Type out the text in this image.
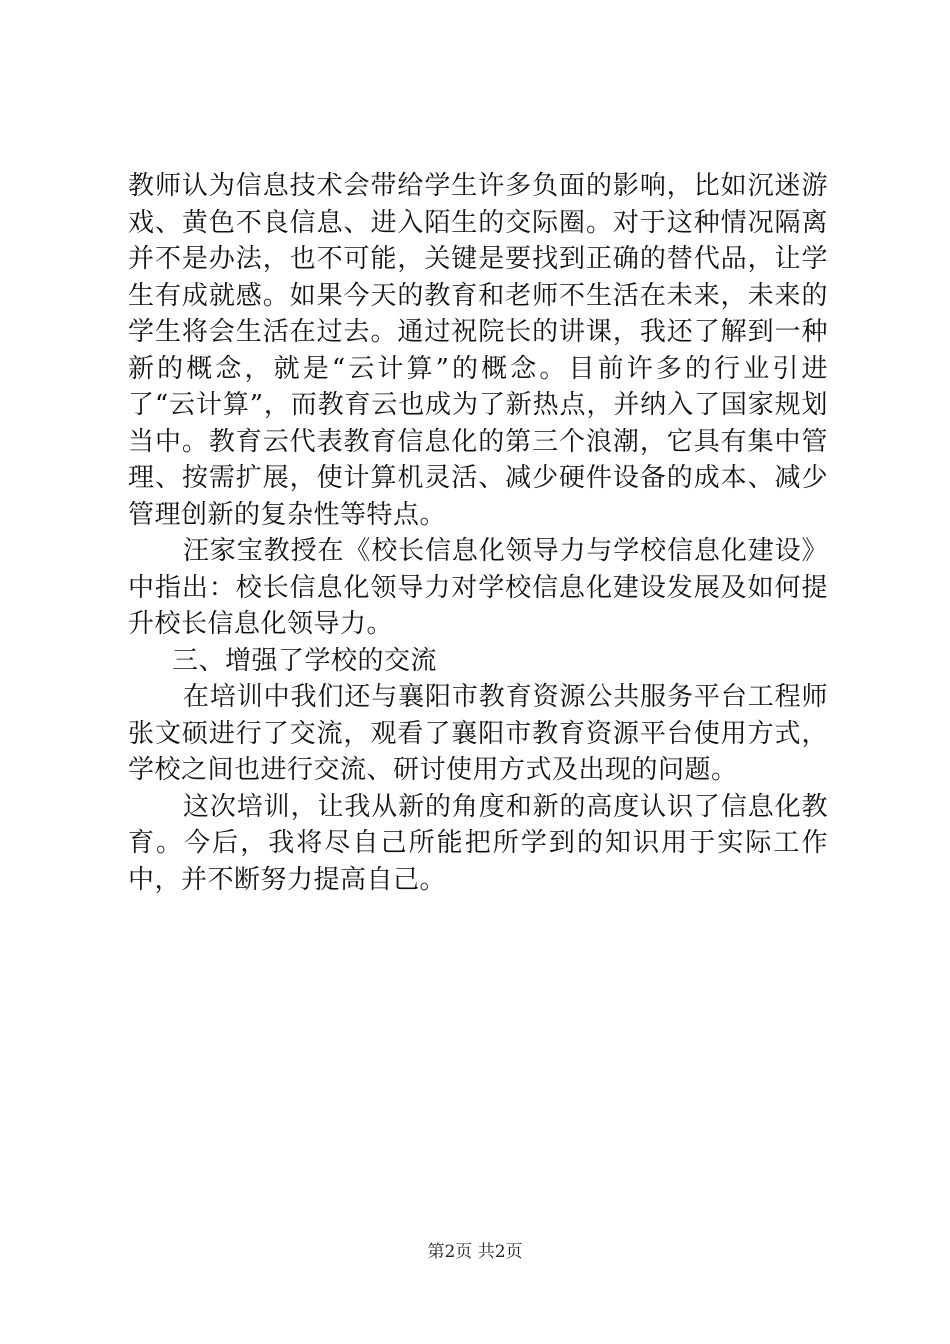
教师认为信息技术会带给学生许多负面的影响，比如沉迷游戏、黄色不良信息、进入陌生的交际圈。对于这种情况隔离并不是办法，也不可能，关键是要找到正确的替代品，让学生有成就感。如果今天的教育和老师不生活在未来，未来的学生将会生活在过去。通过祝院长的讲课，我还了解到一种新的概念，就是“云计算”的概念。目前许多的行业引进了“云计算”，而教育云也成为了新热点，并纳入了国家规划当中。教育云代表教育信息化的第三个浪潮，它具有集中管理、按需扩展，使计算机灵活、减少硬件设备的成本、减少管理创新的复杂性等特点。

汪家宝教授在《校长信息化领导力与学校信息化建设》中指出：校长信息化领导力对学校信息化建设发展及如何提升校长信息化领导力。

三、增强了学校的交流

在培训中我们还与襄阳市教育资源公共服务平台工程师张文硕进行了交流，观看了襄阳市教育资源平台使用方式，学校之间也进行交流、研讨使用方式及出现的问题。

这次培训，让我从新的角度和新的高度认识了信息化教育。今后，我将尽自己所能把所学到的知识用于实际工作中，并不断努力提高自己。

第2页 共2页
